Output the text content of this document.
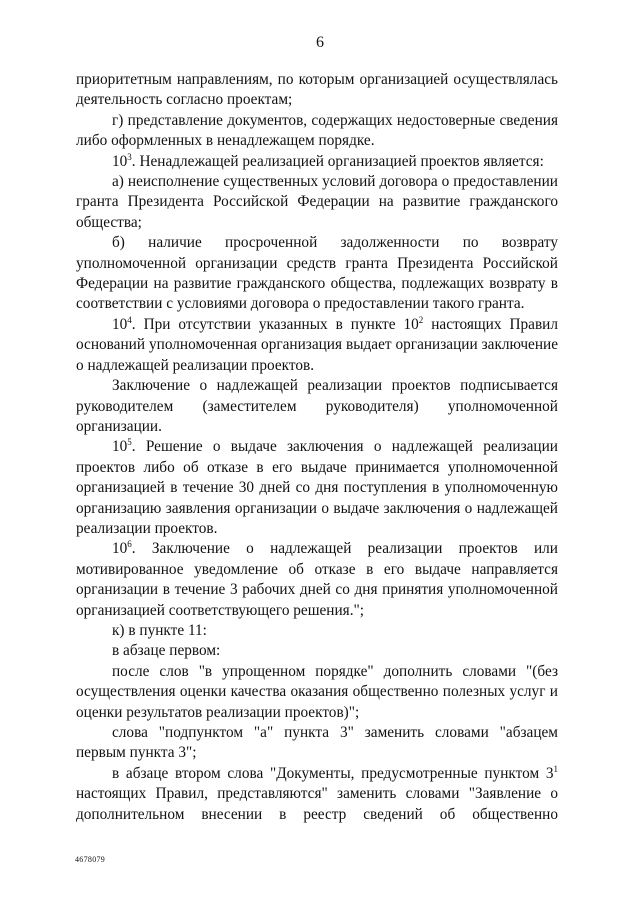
6

приоритетным направлениям, по которым организацией осуществлялась деятельность согласно проектам;

г) представление документов, содержащих недостоверные сведения либо оформленных в ненадлежащем порядке.

$10^3$. Ненадлежащей реализацией организацией проектов является:

а) неисполнение существенных условий договора о предоставлении гранта Президента Российской Федерации на развитие гражданского общества;

б) наличие просроченной задолженности по возврату уполномоченной организации средств гранта Президента Российской Федерации на развитие гражданского общества, подлежащих возврату в соответствии с условиями договора о предоставлении такого гранта.

$10^4$. При отсутствии указанных в пункте $10^2$ настоящих Правил оснований уполномоченная организация выдает организации заключение о надлежащей реализации проектов.

Заключение о надлежащей реализации проектов подписывается руководителем (заместителем руководителя) уполномоченной организации.

$10^5$. Решение о выдаче заключения о надлежащей реализации проектов либо об отказе в его выдаче принимается уполномоченной организацией в течение 30 дней со дня поступления в уполномоченную организацию заявления организации о выдаче заключения о надлежащей реализации проектов.

$10^6$. Заключение о надлежащей реализации проектов или мотивированное уведомление об отказе в его выдаче направляется организации в течение 3 рабочих дней со дня принятия уполномоченной организацией соответствующего решения.";

к) в пункте 11:

в абзаце первом:

после слов "в упрощенном порядке" дополнить словами "(без осуществления оценки качества оказания общественно полезных услуг и оценки результатов реализации проектов)";

слова "подпунктом "а" пункта 3" заменить словами "абзацем первым пункта 3";

в абзаце втором слова "Документы, предусмотренные пунктом $3^1$ настоящих Правил, представляются" заменить словами "Заявление о дополнительном внесении в реестр сведений об общественно

4678079
